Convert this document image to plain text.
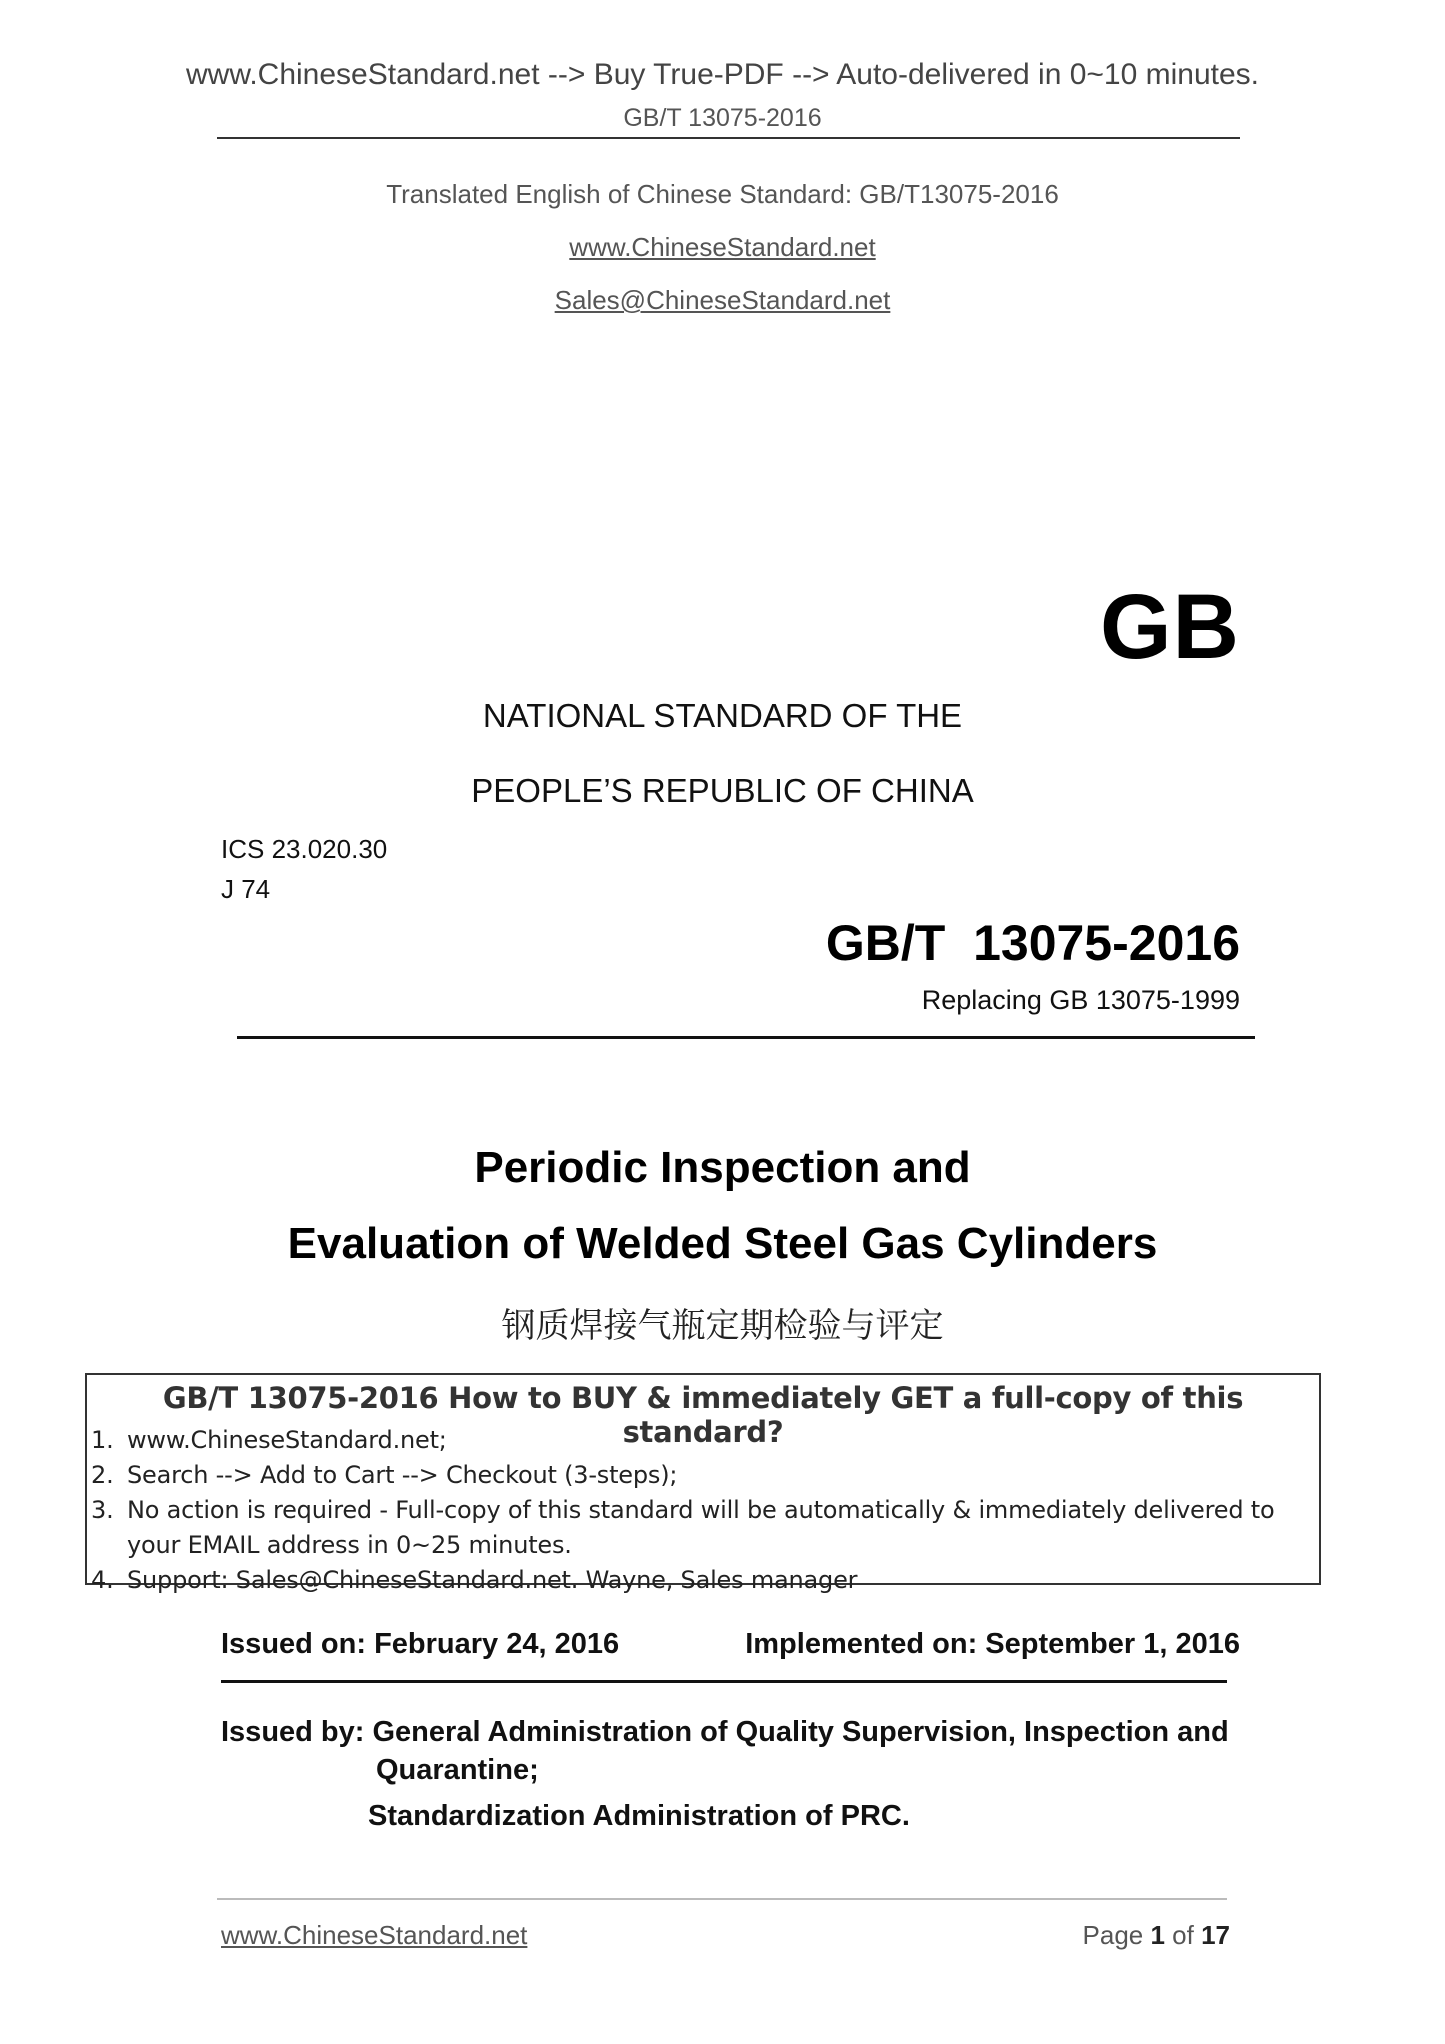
www.ChineseStandard.net --> Buy True-PDF --> Auto-delivered in 0~10 minutes.
GB/T 13075-2016
Translated English of Chinese Standard: GB/T13075-2016
www.ChineseStandard.net
Sales@ChineseStandard.net
GB
NATIONAL STANDARD OF THE
PEOPLE’S REPUBLIC OF CHINA
ICS 23.020.30
J 74
GB/T  13075-2016
Replacing GB 13075-1999
Periodic Inspection and
Evaluation of Welded Steel Gas Cylinders
钢质焊接气瓶定期检验与评定
GB/T 13075-2016 How to BUY & immediately GET a full-copy of this standard?
1. www.ChineseStandard.net;
2. Search --> Add to Cart --> Checkout (3-steps);
3. No action is required - Full-copy of this standard will be automatically & immediately delivered to your EMAIL address in 0~25 minutes.
4. Support: Sales@ChineseStandard.net. Wayne, Sales manager
Issued on: February 24, 2016	Implemented on: September 1, 2016
Issued by: General Administration of Quality Supervision, Inspection and
Quarantine;
Standardization Administration of PRC.
www.ChineseStandard.net	Page 1 of 17
